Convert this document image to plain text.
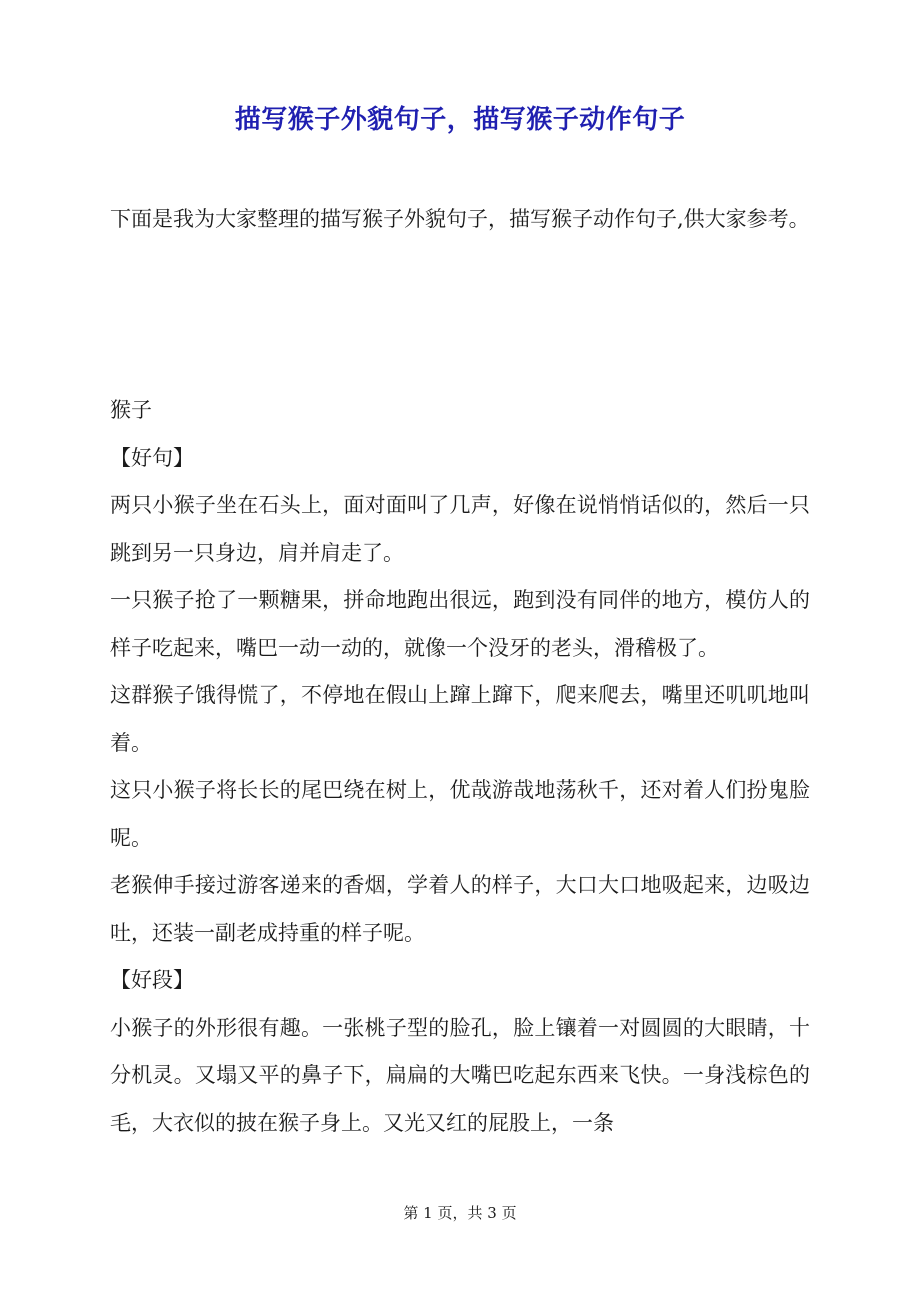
描写猴子外貌句子，描写猴子动作句子

下面是我为大家整理的描写猴子外貌句子，描写猴子动作句子,供大家参考。

猴子

【好句】

两只小猴子坐在石头上，面对面叫了几声，好像在说悄悄话似的，然后一只跳到另一只身边，肩并肩走了。

一只猴子抢了一颗糖果，拼命地跑出很远，跑到没有同伴的地方，模仿人的样子吃起来，嘴巴一动一动的，就像一个没牙的老头，滑稽极了。

这群猴子饿得慌了，不停地在假山上蹿上蹿下，爬来爬去，嘴里还叽叽地叫着。

这只小猴子将长长的尾巴绕在树上，优哉游哉地荡秋千，还对着人们扮鬼脸呢。

老猴伸手接过游客递来的香烟，学着人的样子，大口大口地吸起来，边吸边吐，还装一副老成持重的样子呢。

【好段】

小猴子的外形很有趣。一张桃子型的脸孔，脸上镶着一对圆圆的大眼睛，十分机灵。又塌又平的鼻子下，扁扁的大嘴巴吃起东西来飞快。一身浅棕色的毛，大衣似的披在猴子身上。又光又红的屁股上，一条

第 1 页，共 3 页
